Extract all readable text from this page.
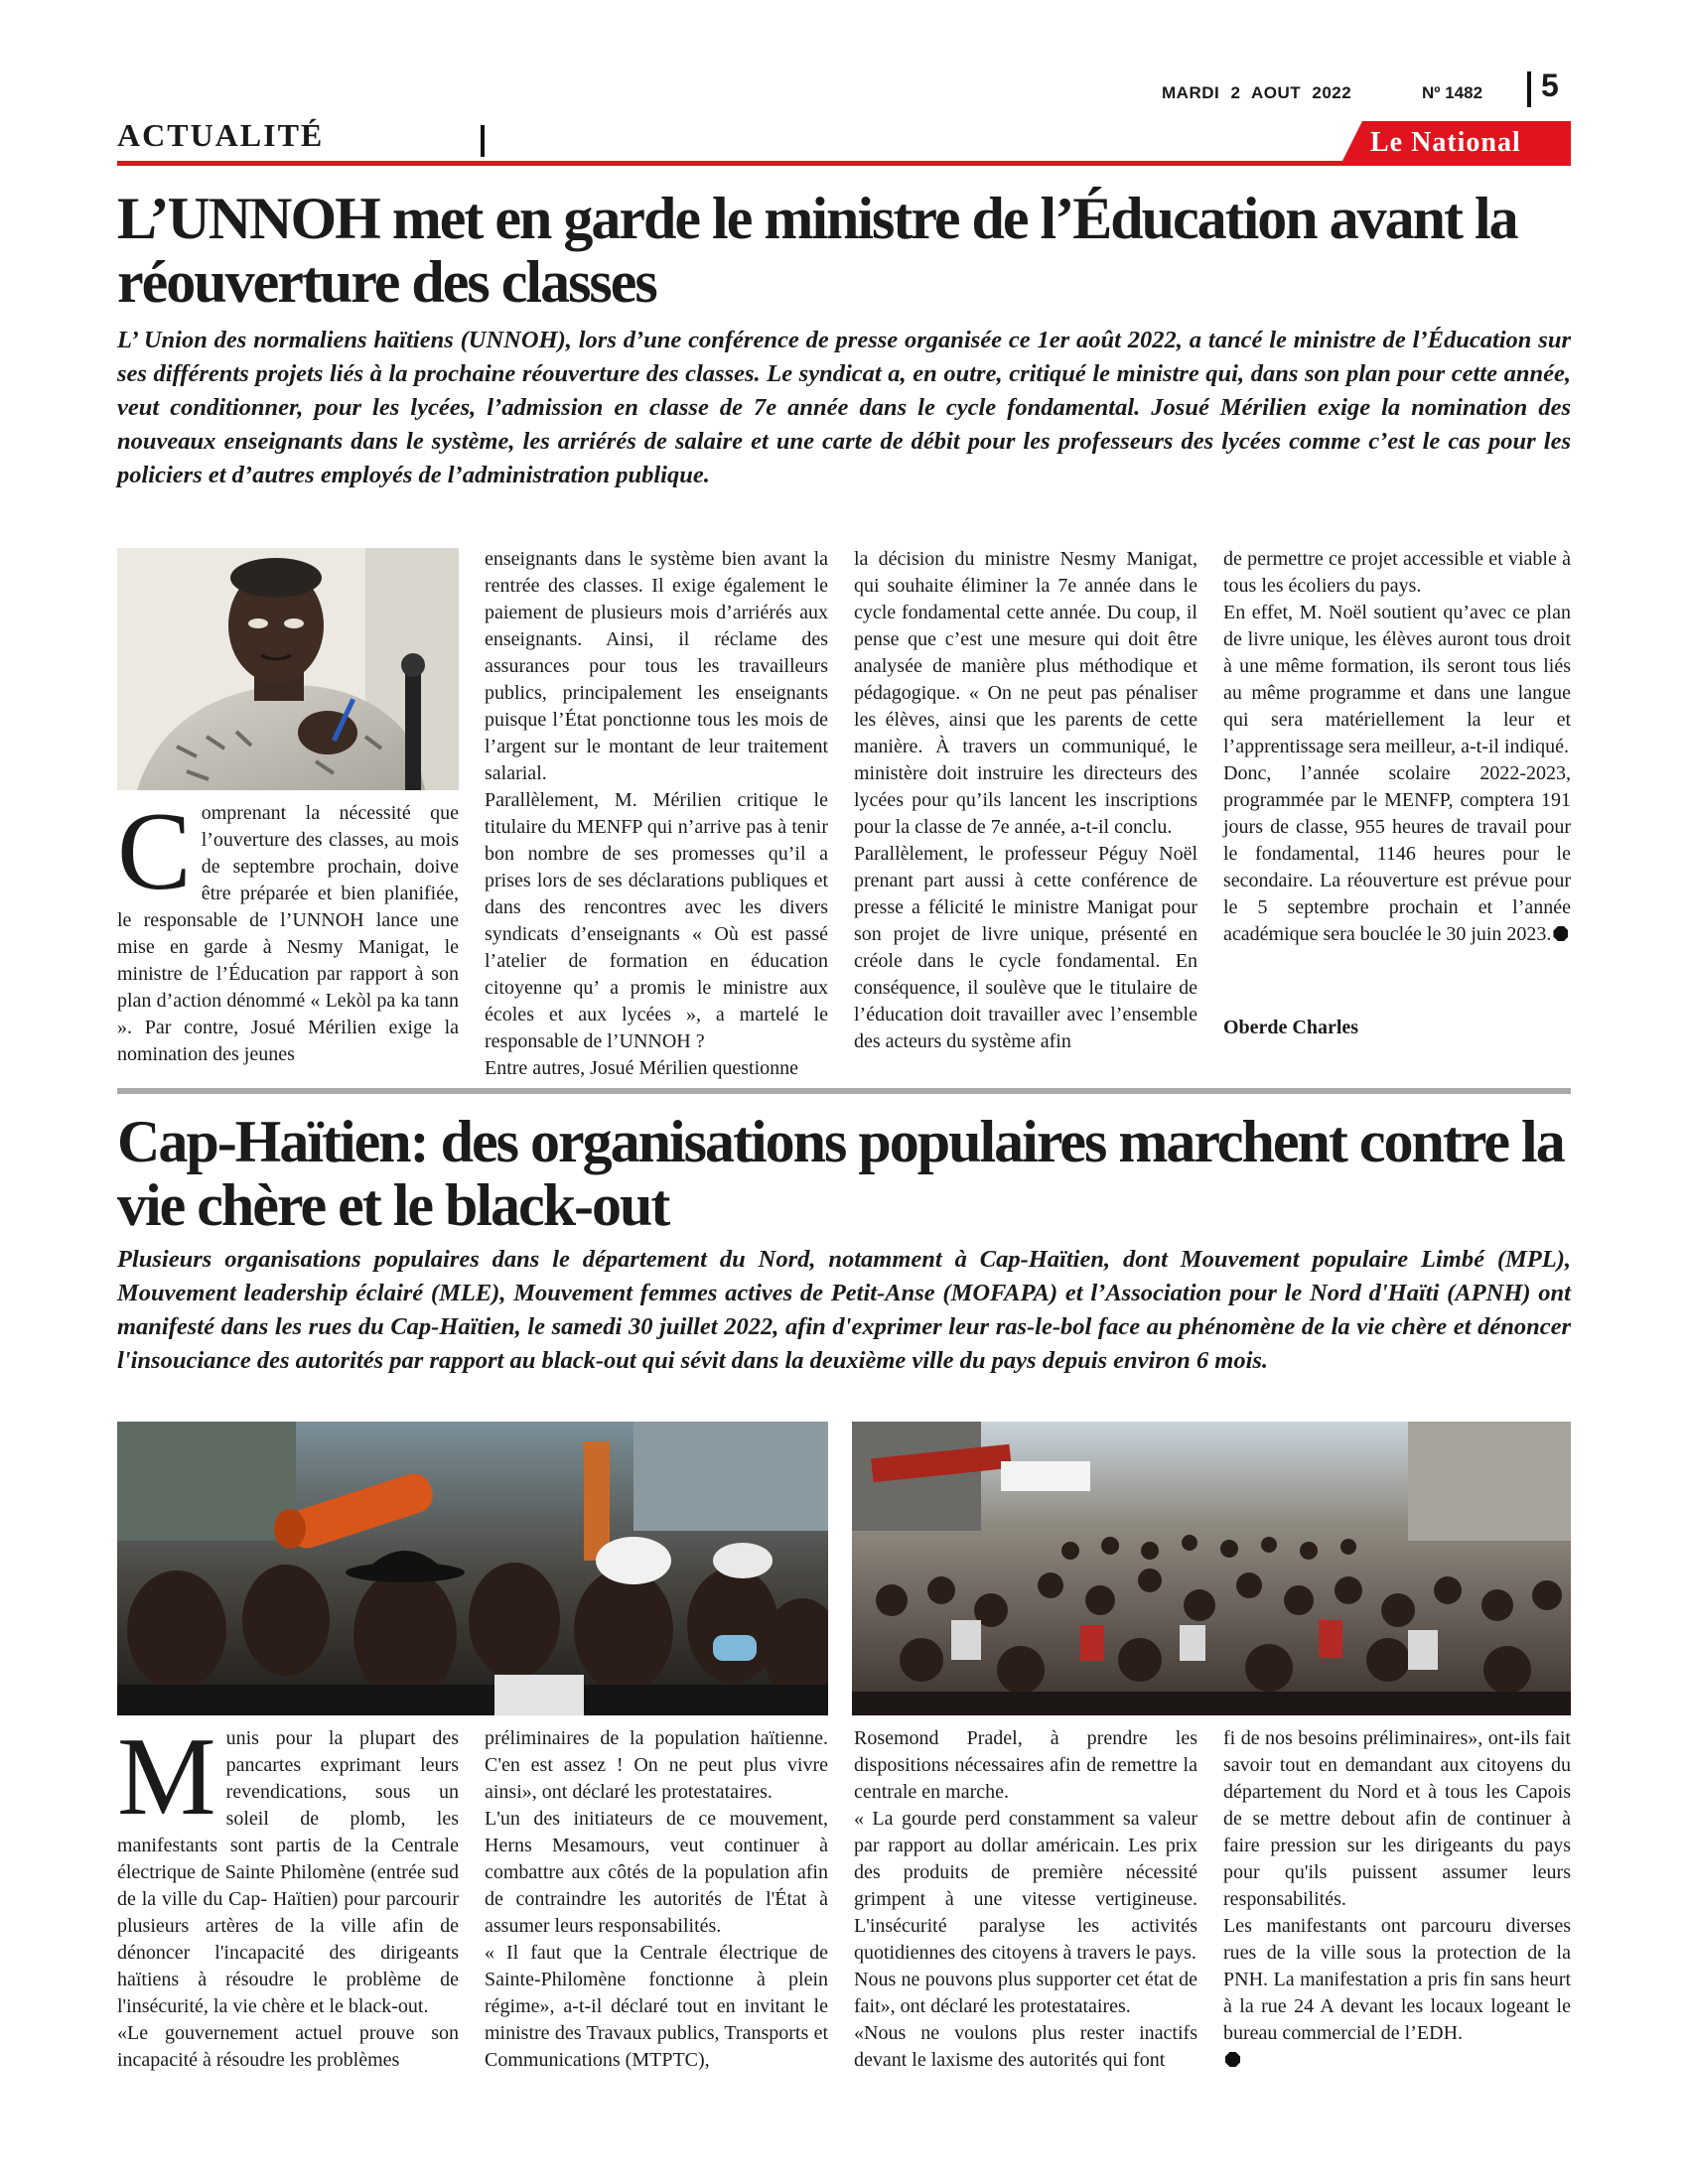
MARDI 2 AOUT 2022	Nº 1482 5
ACTUALITÉ	Le National
L’UNNOH met en garde le ministre de l’Éducation avant la réouverture des classes

L’ Union des normaliens haïtiens (UNNOH), lors d’une conférence de presse organisée ce 1er août 2022, a tancé le ministre de l’Éducation sur ses différents projets liés à la prochaine réouverture des classes. Le syndicat a, en outre, critiqué le ministre qui, dans son plan pour cette année, veut conditionner, pour les lycées, l’admission en classe de 7e année dans le cycle fondamental. Josué Mérilien exige la nomination des nouveaux enseignants dans le système, les arriérés de salaire et une carte de débit pour les professeurs des lycées comme c’est le cas pour les policiers et d’autres employés de l’administration publique.

Comprenant la nécessité que l’ouverture des classes, au mois de septembre prochain, doive être préparée et bien planifiée, le responsable de l’UNNOH lance une mise en garde à Nesmy Manigat, le ministre de l’Éducation par rapport à son plan d’action dénommé « Lekòl pa ka tann ». Par contre, Josué Mérilien exige la nomination des jeunes

enseignants dans le système bien avant la rentrée des classes. Il exige également le paiement de plusieurs mois d’arriérés aux enseignants. Ainsi, il réclame des assurances pour tous les travailleurs publics, principalement les enseignants puisque l’État ponctionne tous les mois de l’argent sur le montant de leur traitement salarial.

Parallèlement, M. Mérilien critique le titulaire du MENFP qui n’arrive pas à tenir bon nombre de ses promesses qu’il a prises lors de ses déclarations publiques et dans des rencontres avec les divers syndicats d’enseignants « Où est passé l’atelier de formation en éducation citoyenne qu’ a promis le ministre aux écoles et aux lycées », a martelé le responsable de l’UNNOH ?

Entre autres, Josué Mérilien questionne

la décision du ministre Nesmy Manigat, qui souhaite éliminer la 7e année dans le cycle fondamental cette année. Du coup, il pense que c’est une mesure qui doit être analysée de manière plus méthodique et pédagogique. « On ne peut pas pénaliser les élèves, ainsi que les parents de cette manière. À travers un communiqué, le ministère doit instruire les directeurs des lycées pour qu’ils lancent les inscriptions pour la classe de 7e année, a-t-il conclu.

Parallèlement, le professeur Péguy Noël prenant part aussi à cette conférence de presse a félicité le ministre Manigat pour son projet de livre unique, présenté en créole dans le cycle fondamental. En conséquence, il soulève que le titulaire de l’éducation doit travailler avec l’ensemble des acteurs du système afin

de permettre ce projet accessible et viable à tous les écoliers du pays.

En effet, M. Noël soutient qu’avec ce plan de livre unique, les élèves auront tous droit à une même formation, ils seront tous liés au même programme et dans une langue qui sera matériellement la leur et l’apprentissage sera meilleur, a-t-il indiqué.

Donc, l’année scolaire 2022-2023, programmée par le MENFP, comptera 191 jours de classe, 955 heures de travail pour le fondamental, 1146 heures pour le secondaire. La réouverture est prévue pour le 5 septembre prochain et l’année académique sera bouclée le 30 juin 2023.

Oberde Charles
Cap-Haïtien: des organisations populaires marchent contre la vie chère et le black-out

Plusieurs organisations populaires dans le département du Nord, notamment à Cap-Haïtien, dont Mouvement populaire Limbé (MPL), Mouvement leadership éclairé (MLE), Mouvement femmes actives de Petit-Anse (MOFAPA) et l’Association pour le Nord d'Haïti (APNH) ont manifesté dans les rues du Cap-Haïtien, le samedi 30 juillet 2022, afin d'exprimer leur ras-le-bol face au phénomène de la vie chère et dénoncer l'insouciance des autorités par rapport au black-out qui sévit dans la deuxième ville du pays depuis environ 6 mois.

Munis pour la plupart des pancartes exprimant leurs revendications, sous un soleil de plomb, les manifestants sont partis de la Centrale électrique de Sainte Philomène (entrée sud de la ville du Cap- Haïtien) pour parcourir plusieurs artères de la ville afin de dénoncer l'incapacité des dirigeants haïtiens à résoudre le problème de l'insécurité, la vie chère et le black-out.

«Le gouvernement actuel prouve son incapacité à résoudre les problèmes

préliminaires de la population haïtienne. C'en est assez ! On ne peut plus vivre ainsi», ont déclaré les protestataires.

L'un des initiateurs de ce mouvement, Herns Mesamours, veut continuer à combattre aux côtés de la population afin de contraindre les autorités de l'État à assumer leurs responsabilités.

« Il faut que la Centrale électrique de Sainte-Philomène fonctionne à plein régime», a-t-il déclaré tout en invitant le ministre des Travaux publics, Transports et Communications (MTPTC),

Rosemond Pradel, à prendre les dispositions nécessaires afin de remettre la centrale en marche.

« La gourde perd constamment sa valeur par rapport au dollar américain. Les prix des produits de première nécessité grimpent à une vitesse vertigineuse. L'insécurité paralyse les activités quotidiennes des citoyens à travers le pays.

Nous ne pouvons plus supporter cet état de fait», ont déclaré les protestataires.

«Nous ne voulons plus rester inactifs devant le laxisme des autorités qui font

fi de nos besoins préliminaires», ont-ils fait savoir tout en demandant aux citoyens du département du Nord et à tous les Capois de se mettre debout afin de continuer à faire pression sur les dirigeants du pays pour qu'ils puissent assumer leurs responsabilités.

Les manifestants ont parcouru diverses rues de la ville sous la protection de la PNH. La manifestation a pris fin sans heurt à la rue 24 A devant les locaux logeant le bureau commercial de l’EDH.
